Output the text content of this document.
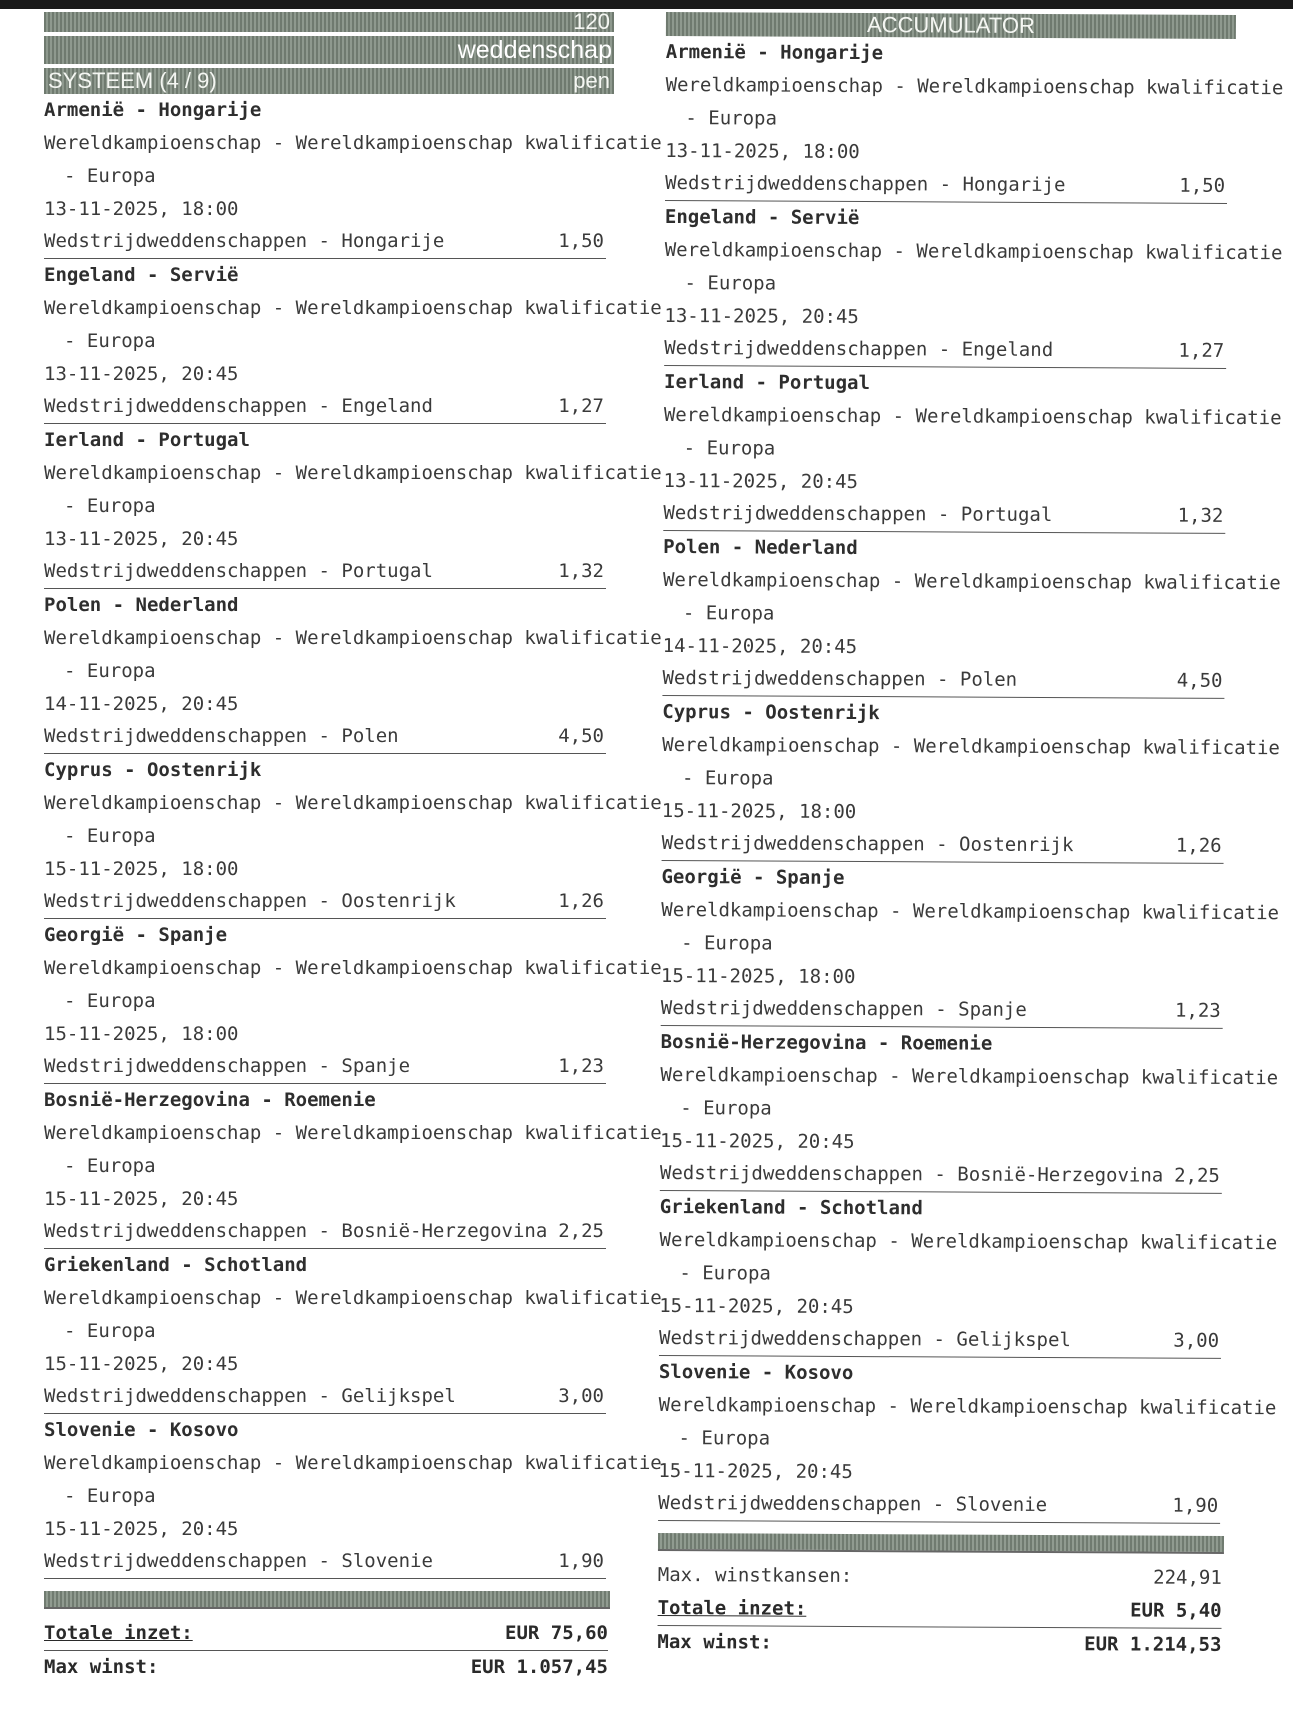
120
weddenschap
SYSTEEM (4 / 9)	pen
Armenië - Hongarije
Wereldkampioenschap - Wereldkampioenschap kwalificatie
- Europa
13-11-2025, 18:00
Wedstrijdweddenschappen - Hongarije	1,50
Engeland - Servië
Wereldkampioenschap - Wereldkampioenschap kwalificatie
- Europa
13-11-2025, 20:45
Wedstrijdweddenschappen - Engeland	1,27
Ierland - Portugal
Wereldkampioenschap - Wereldkampioenschap kwalificatie
- Europa
13-11-2025, 20:45
Wedstrijdweddenschappen - Portugal	1,32
Polen - Nederland
Wereldkampioenschap - Wereldkampioenschap kwalificatie
- Europa
14-11-2025, 20:45
Wedstrijdweddenschappen - Polen	4,50
Cyprus - Oostenrijk
Wereldkampioenschap - Wereldkampioenschap kwalificatie
- Europa
15-11-2025, 18:00
Wedstrijdweddenschappen - Oostenrijk	1,26
Georgië - Spanje
Wereldkampioenschap - Wereldkampioenschap kwalificatie
- Europa
15-11-2025, 18:00
Wedstrijdweddenschappen - Spanje	1,23
Bosnië-Herzegovina - Roemenie
Wereldkampioenschap - Wereldkampioenschap kwalificatie
- Europa
15-11-2025, 20:45
Wedstrijdweddenschappen - Bosnië-Herzegovina 2,25
Griekenland - Schotland
Wereldkampioenschap - Wereldkampioenschap kwalificatie
- Europa
15-11-2025, 20:45
Wedstrijdweddenschappen - Gelijkspel	3,00
Slovenie - Kosovo
Wereldkampioenschap - Wereldkampioenschap kwalificatie
- Europa
15-11-2025, 20:45
Wedstrijdweddenschappen - Slovenie	1,90
Totale inzet:	EUR 75,60
Max winst:	EUR 1.057,45
ACCUMULATOR
Armenië - Hongarije
Wereldkampioenschap - Wereldkampioenschap kwalificatie
- Europa
13-11-2025, 18:00
Wedstrijdweddenschappen - Hongarije	1,50
Engeland - Servië
Wereldkampioenschap - Wereldkampioenschap kwalificatie
- Europa
13-11-2025, 20:45
Wedstrijdweddenschappen - Engeland	1,27
Ierland - Portugal
Wereldkampioenschap - Wereldkampioenschap kwalificatie
- Europa
13-11-2025, 20:45
Wedstrijdweddenschappen - Portugal	1,32
Polen - Nederland
Wereldkampioenschap - Wereldkampioenschap kwalificatie
- Europa
14-11-2025, 20:45
Wedstrijdweddenschappen - Polen	4,50
Cyprus - Oostenrijk
Wereldkampioenschap - Wereldkampioenschap kwalificatie
- Europa
15-11-2025, 18:00
Wedstrijdweddenschappen - Oostenrijk	1,26
Georgië - Spanje
Wereldkampioenschap - Wereldkampioenschap kwalificatie
- Europa
15-11-2025, 18:00
Wedstrijdweddenschappen - Spanje	1,23
Bosnië-Herzegovina - Roemenie
Wereldkampioenschap - Wereldkampioenschap kwalificatie
- Europa
15-11-2025, 20:45
Wedstrijdweddenschappen - Bosnië-Herzegovina 2,25
Griekenland - Schotland
Wereldkampioenschap - Wereldkampioenschap kwalificatie
- Europa
15-11-2025, 20:45
Wedstrijdweddenschappen - Gelijkspel	3,00
Slovenie - Kosovo
Wereldkampioenschap - Wereldkampioenschap kwalificatie
- Europa
15-11-2025, 20:45
Wedstrijdweddenschappen - Slovenie	1,90
Max. winstkansen:	224,91
Totale inzet:	EUR 5,40
Max winst:	EUR 1.214,53
